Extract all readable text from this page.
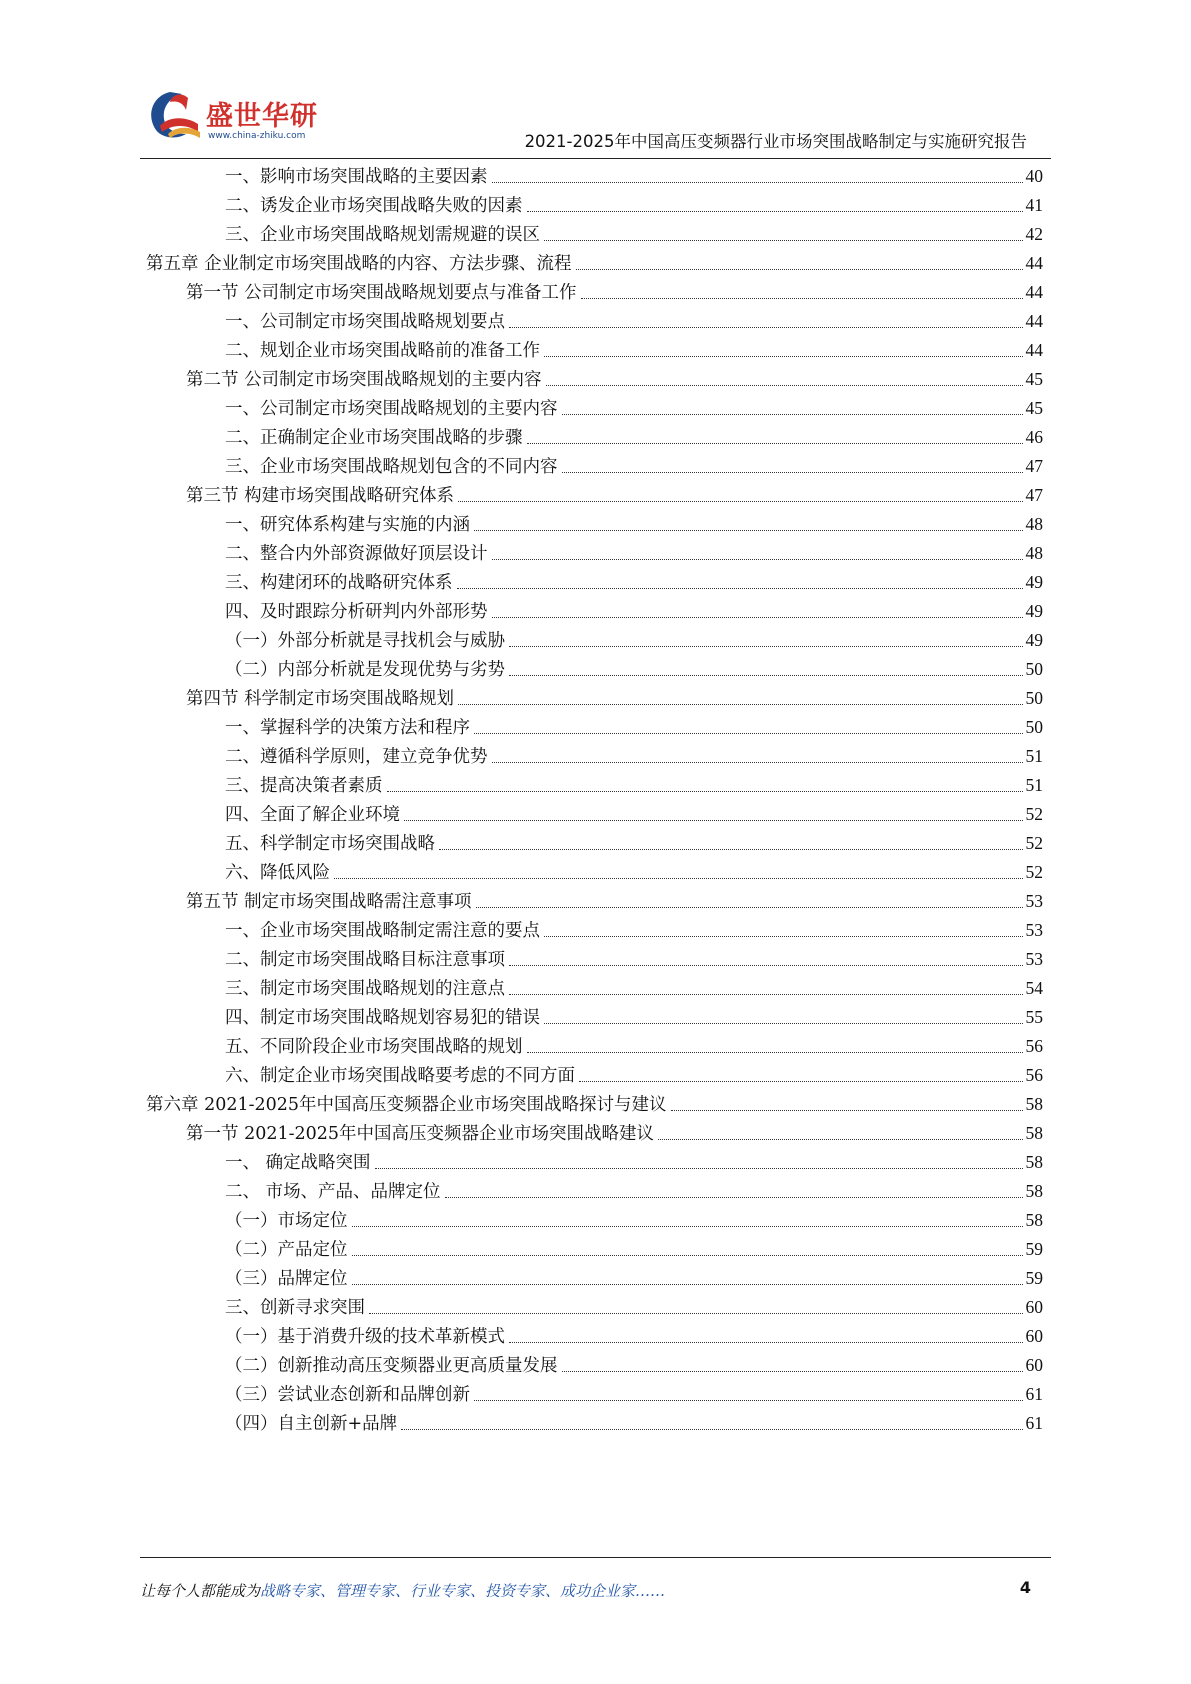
盛世华研
www.china-zhiku.com	2021-2025年中国高压变频器行业市场突围战略制定与实施研究报告
一、影响市场突围战略的主要因素	40
二、诱发企业市场突围战略失败的因素	41
三、企业市场突围战略规划需规避的误区	42
第五章 企业制定市场突围战略的内容、方法步骤、流程	44
第一节 公司制定市场突围战略规划要点与准备工作	44
一、公司制定市场突围战略规划要点	44
二、规划企业市场突围战略前的准备工作	44
第二节 公司制定市场突围战略规划的主要内容	45
一、公司制定市场突围战略规划的主要内容	45
二、正确制定企业市场突围战略的步骤	46
三、企业市场突围战略规划包含的不同内容	47
第三节 构建市场突围战略研究体系	47
一、研究体系构建与实施的内涵	48
二、整合内外部资源做好顶层设计	48
三、构建闭环的战略研究体系	49
四、及时跟踪分析研判内外部形势	49
（一）外部分析就是寻找机会与威胁	49
（二）内部分析就是发现优势与劣势	50
第四节 科学制定市场突围战略规划	50
一、掌握科学的决策方法和程序	50
二、遵循科学原则，建立竞争优势	51
三、提高决策者素质	51
四、全面了解企业环境	52
五、科学制定市场突围战略	52
六、降低风险	52
第五节 制定市场突围战略需注意事项	53
一、企业市场突围战略制定需注意的要点	53
二、制定市场突围战略目标注意事项	53
三、制定市场突围战略规划的注意点	54
四、制定市场突围战略规划容易犯的错误	55
五、不同阶段企业市场突围战略的规划	56
六、制定企业市场突围战略要考虑的不同方面	56
第六章 2021-2025年中国高压变频器企业市场突围战略探讨与建议	58
第一节 2021-2025年中国高压变频器企业市场突围战略建议	58
一、 确定战略突围	58
二、 市场、产品、品牌定位	58
（一）市场定位	58
（二）产品定位	59
（三）品牌定位	59
三、创新寻求突围	60
（一）基于消费升级的技术革新模式	60
（二）创新推动高压变频器业更高质量发展	60
（三）尝试业态创新和品牌创新	61
（四）自主创新+品牌	61
让每个人都能成为战略专家、管理专家、行业专家、投资专家、成功企业家……	4
